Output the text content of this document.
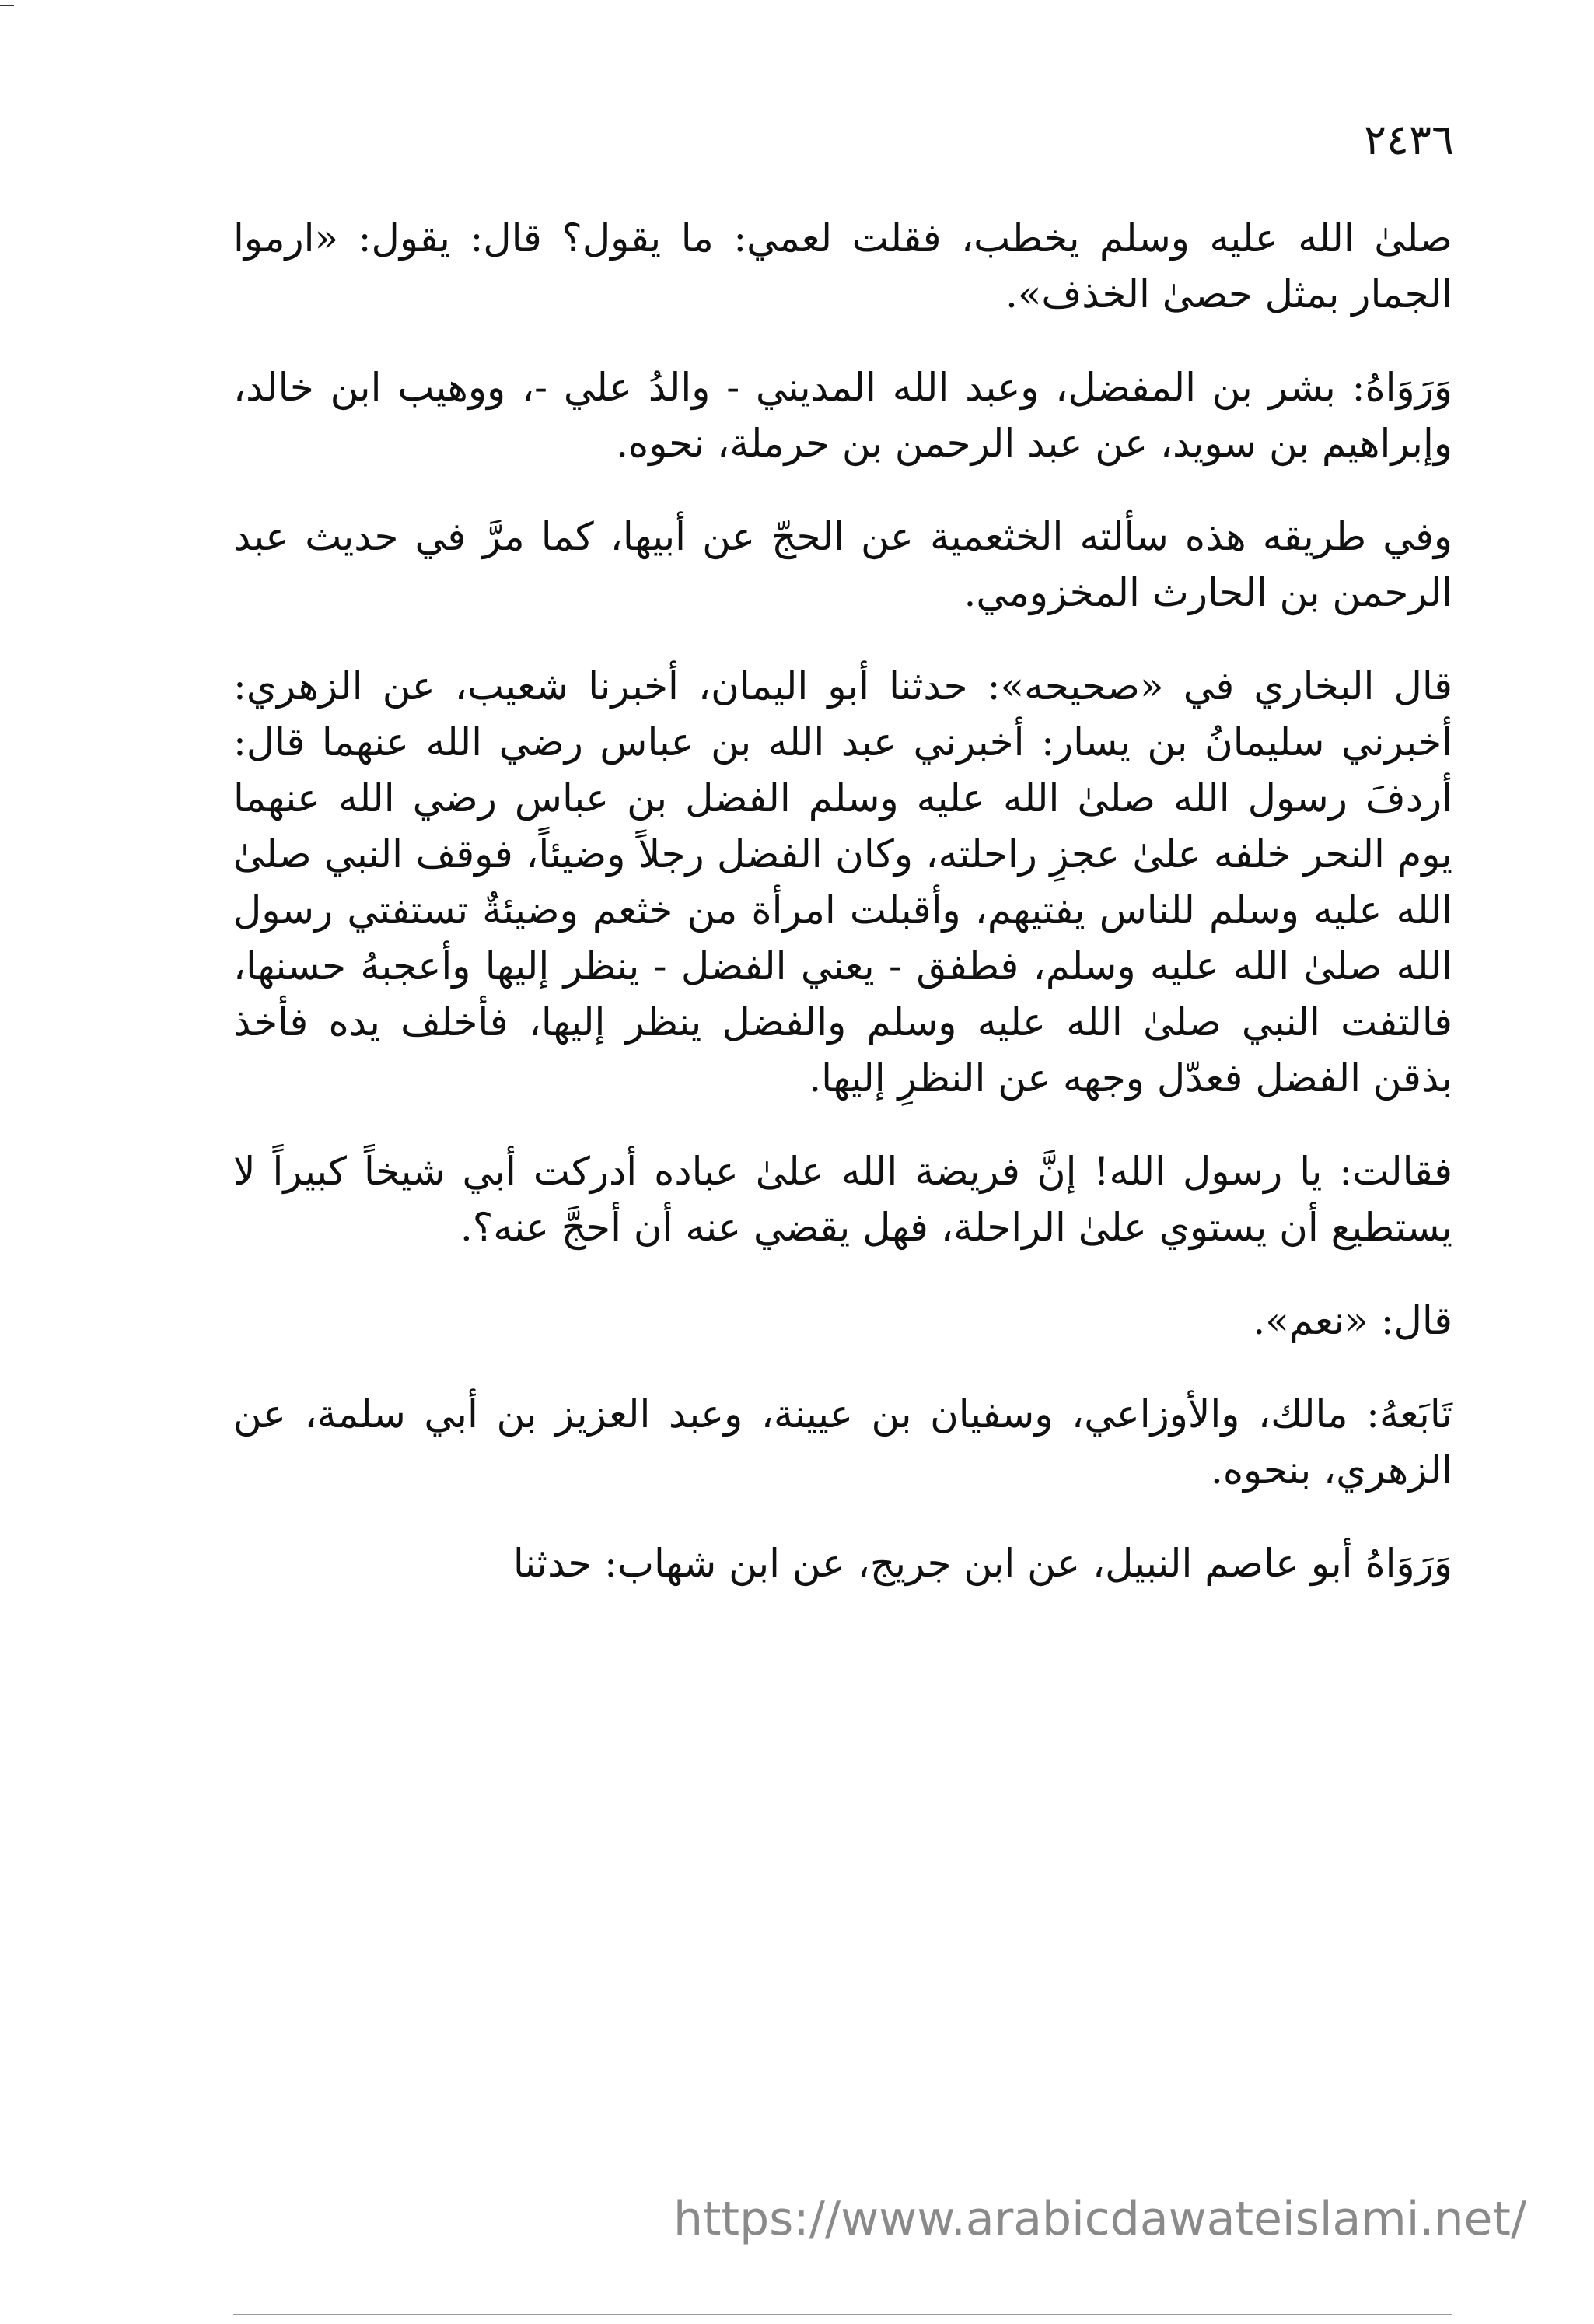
٢٤٣٦

صلىٰ الله عليه وسلم يخطب، فقلت لعمي: ما يقول؟ قال: يقول: «ارموا الجمار بمثل حصىٰ الخذف».

وَرَوَاهُ: بشر بن المفضل، وعبد الله المديني - والدُ علي -، ووهيب ابن خالد، وإبراهيم بن سويد، عن عبد الرحمن بن حرملة، نحوه.

وفي طريقه هذه سألته الخثعمية عن الحجّ عن أبيها، كما مرَّ في حديث عبد الرحمن بن الحارث المخزومي.

قال البخاري في «صحيحه»: حدثنا أبو اليمان، أخبرنا شعيب، عن الزهري: أخبرني سليمانُ بن يسار: أخبرني عبد الله بن عباس رضي الله عنهما قال: أردفَ رسول الله صلىٰ الله عليه وسلم الفضل بن عباس رضي الله عنهما يوم النحر خلفه علىٰ عجزِ راحلته، وكان الفضل رجلاً وضيئاً، فوقف النبي صلىٰ الله عليه وسلم للناس يفتيهم، وأقبلت امرأة من خثعم وضيئةٌ تستفتي رسول الله صلىٰ الله عليه وسلم، فطفق - يعني الفضل - ينظر إليها وأعجبهُ حسنها، فالتفت النبي صلىٰ الله عليه وسلم والفضل ينظر إليها، فأخلف يده فأخذ بذقن الفضل فعدّل وجهه عن النظرِ إليها.

فقالت: يا رسول الله! إنَّ فريضة الله علىٰ عباده أدركت أبي شيخاً كبيراً لا يستطيع أن يستوي علىٰ الراحلة، فهل يقضي عنه أن أحجَّ عنه؟.

قال: «نعم».

تَابَعهُ: مالك، والأوزاعي، وسفيان بن عيينة، وعبد العزيز بن أبي سلمة، عن الزهري، بنحوه.

وَرَوَاهُ أبو عاصم النبيل، عن ابن جريج، عن ابن شهاب: حدثنا

https://www.arabicdawateislami.net/
